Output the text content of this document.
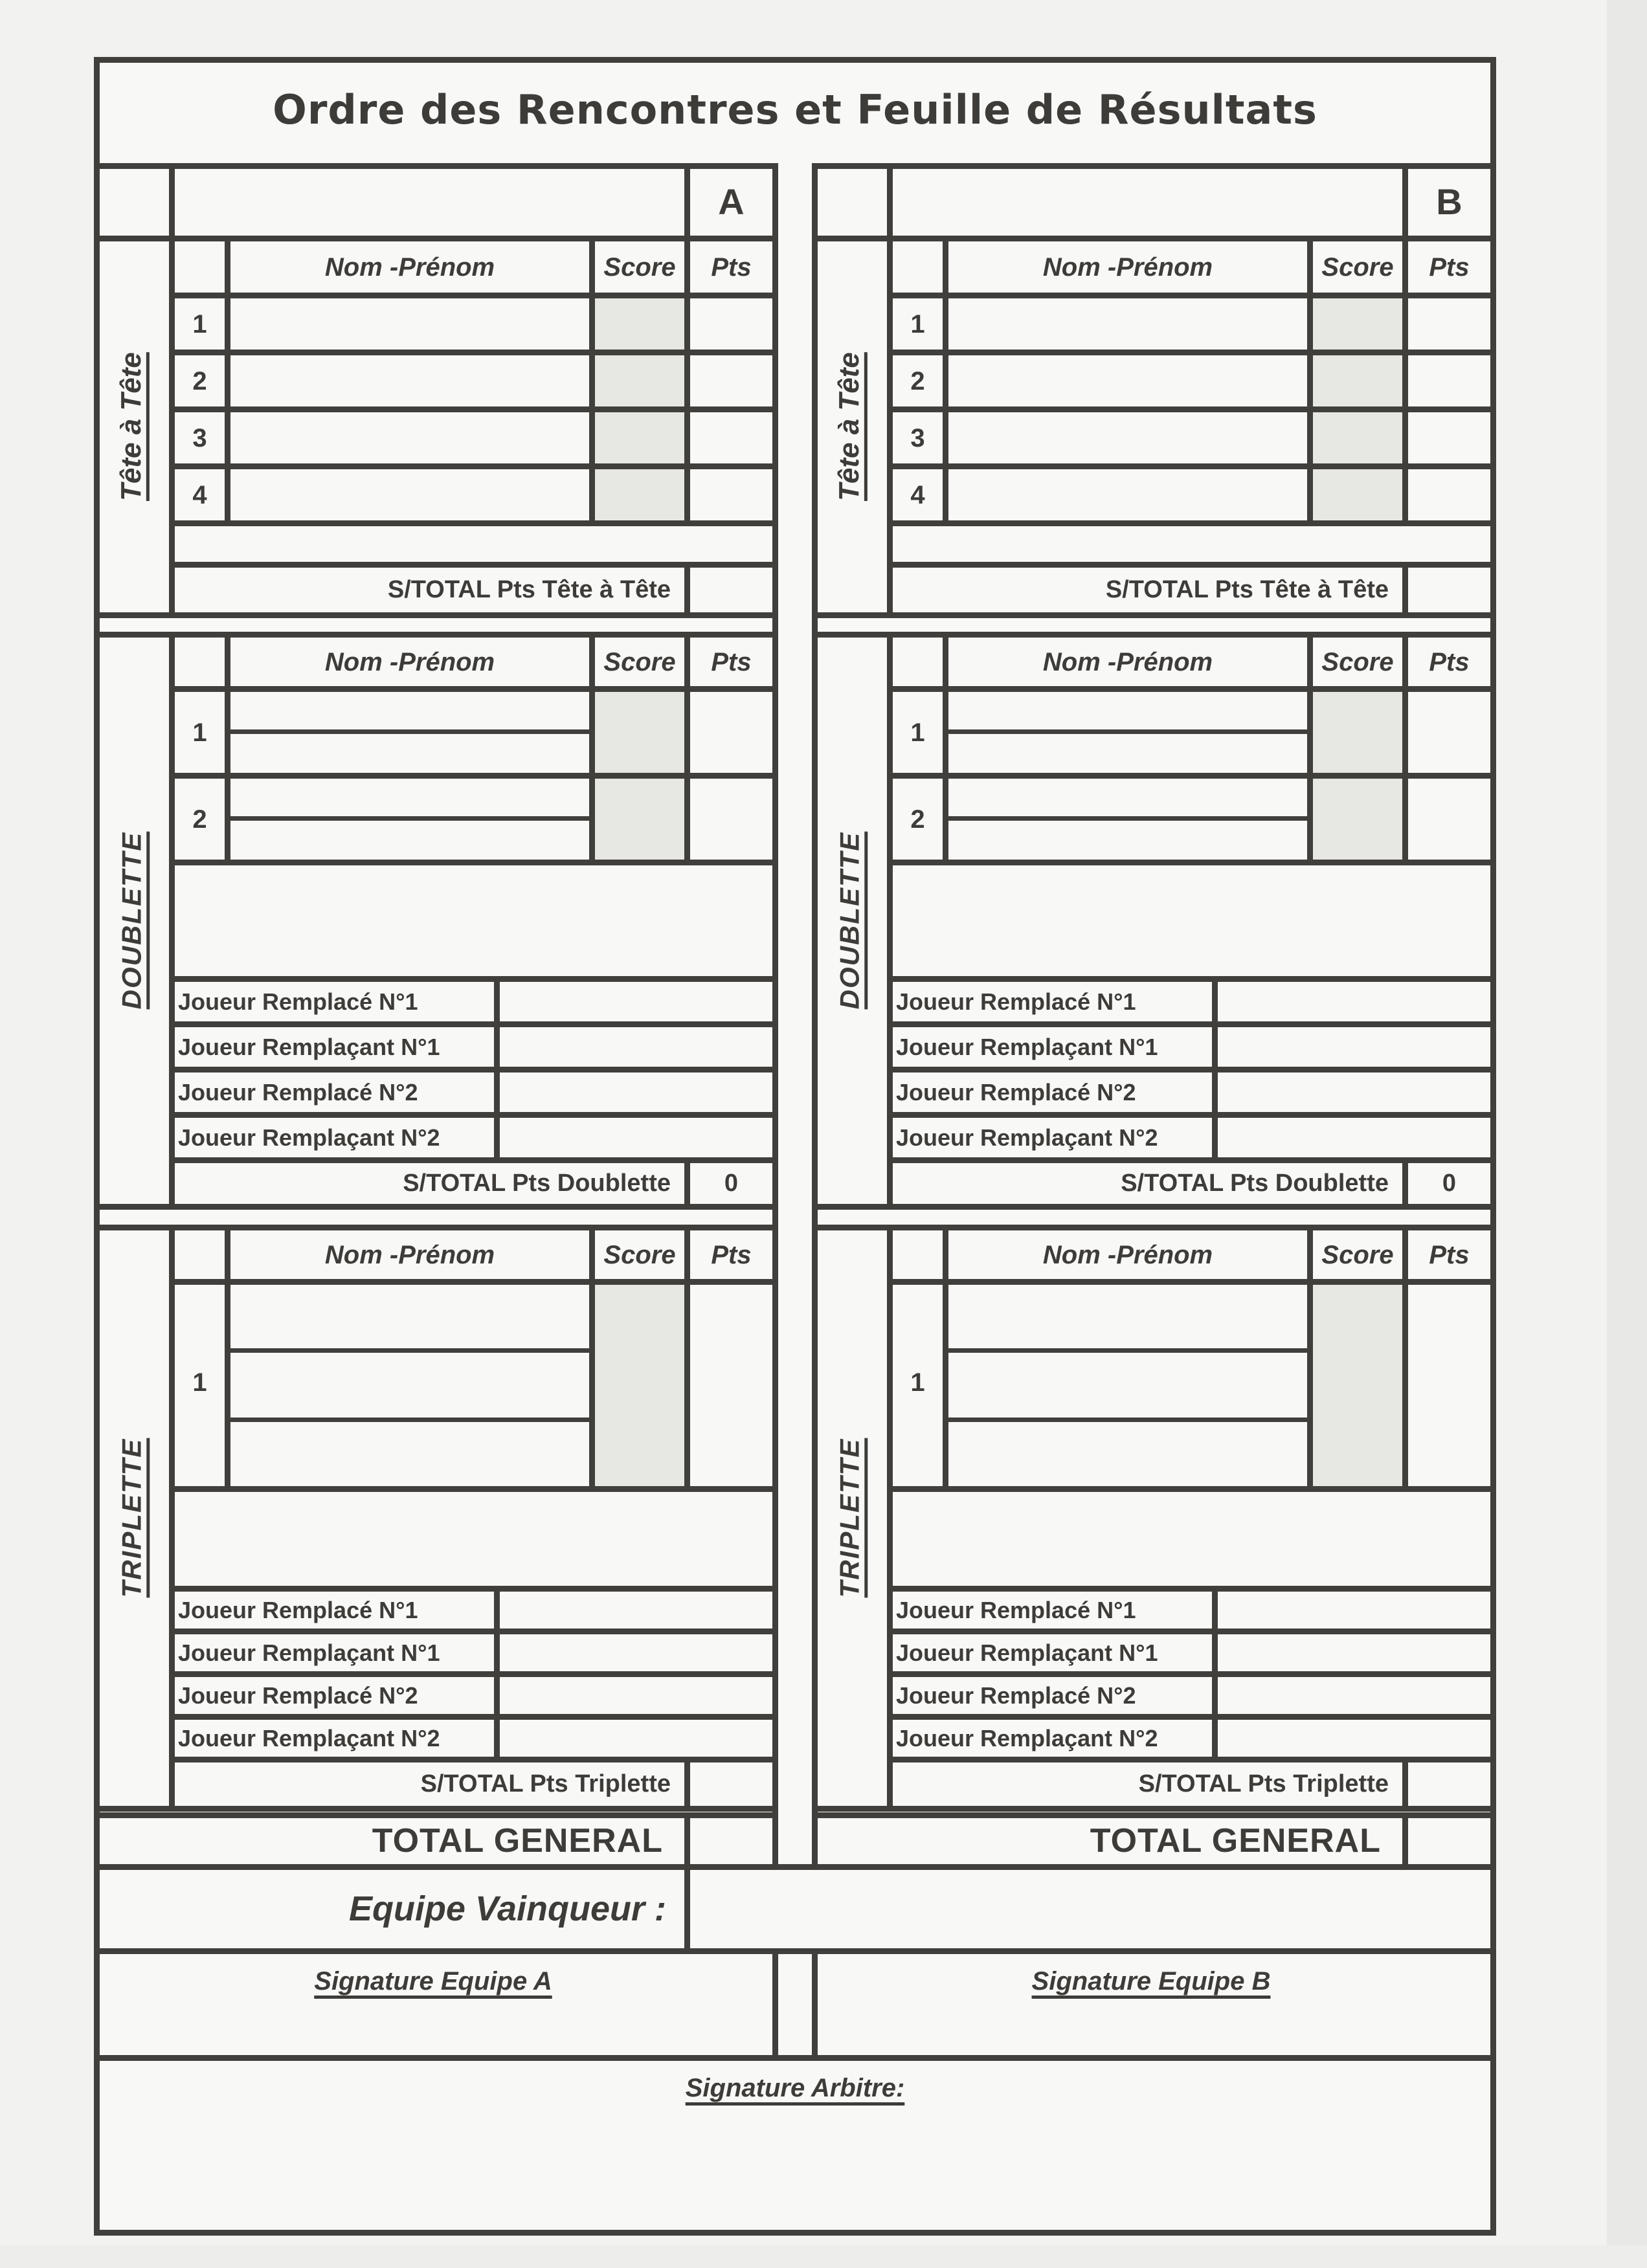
Ordre des Rencontres et Feuille de Résultats
A
Tête à Tête
Nom -Prénom	Score	Pts
1
2
3
4
S/TOTAL Pts Tête à Tête
DOUBLETTE
Nom -Prénom	Score	Pts
1
2
Joueur Remplacé N°1
Joueur Remplaçant N°1
Joueur Remplacé N°2
Joueur Remplaçant N°2
S/TOTAL Pts Doublette	0
TRIPLETTE
Nom -Prénom	Score	Pts
1
Joueur Remplacé N°1
Joueur Remplaçant N°1
Joueur Remplacé N°2
Joueur Remplaçant N°2
S/TOTAL Pts Triplette
TOTAL GENERAL
B
Tête à Tête
Nom -Prénom	Score	Pts
1
2
3
4
S/TOTAL Pts Tête à Tête
DOUBLETTE
Nom -Prénom	Score	Pts
1
2
Joueur Remplacé N°1
Joueur Remplaçant N°1
Joueur Remplacé N°2
Joueur Remplaçant N°2
S/TOTAL Pts Doublette	0
TRIPLETTE
Nom -Prénom	Score	Pts
1
Joueur Remplacé N°1
Joueur Remplaçant N°1
Joueur Remplacé N°2
Joueur Remplaçant N°2
S/TOTAL Pts Triplette
TOTAL GENERAL
Equipe Vainqueur :
Signature Equipe A	Signature Equipe B
Signature Arbitre:
